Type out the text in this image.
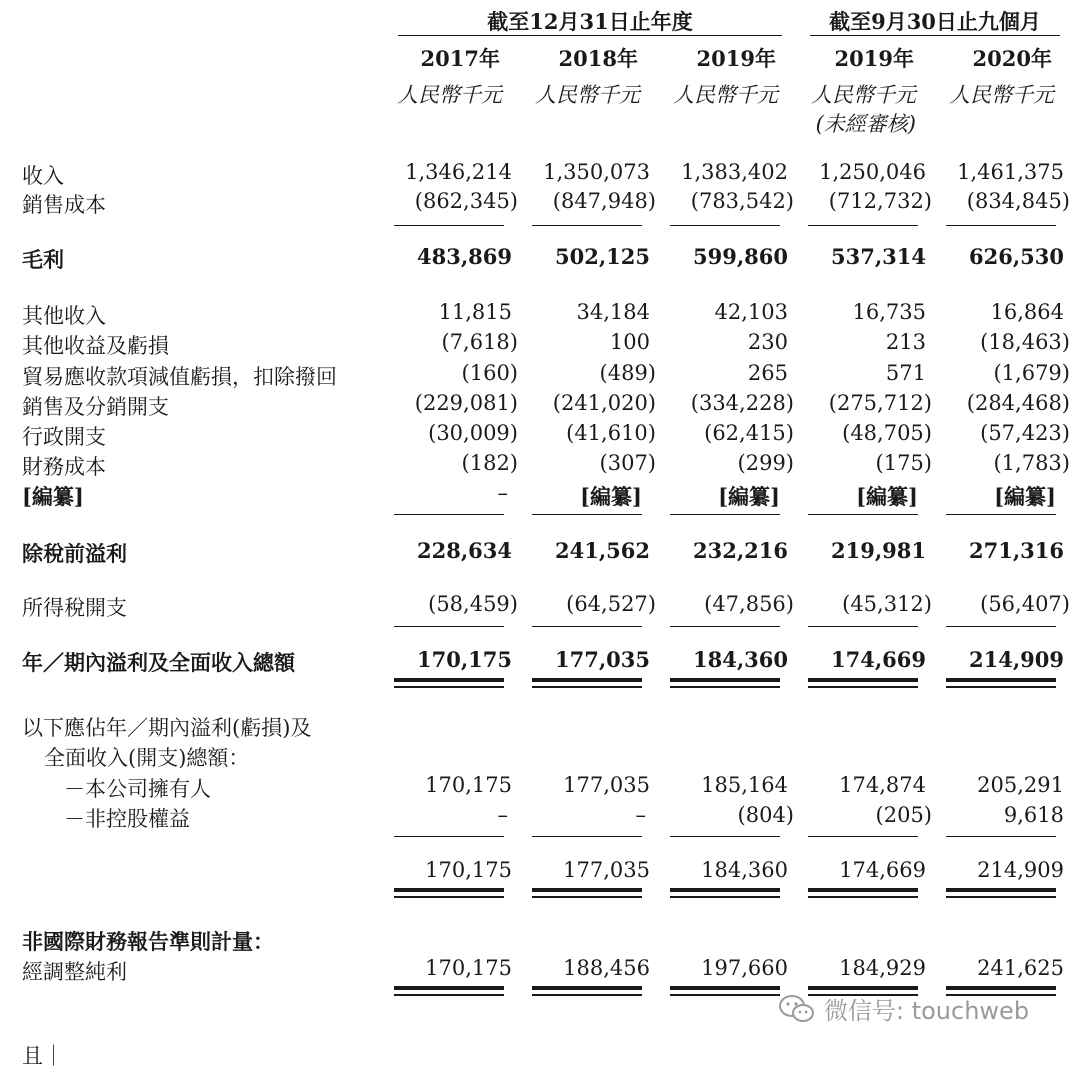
截至12月31日止年度	截至9月30日止九個月
2017年	2018年	2019年	2019年	2020年
人民幣千元	人民幣千元	人民幣千元	人民幣千元	人民幣千元
(未經審核)
收入	1,346,214	1,350,073	1,383,402	1,250,046	1,461,375
銷售成本	(862,345)	(847,948)	(783,542)	(712,732)	(834,845)
毛利	483,869	502,125	599,860	537,314	626,530
其他收入	11,815	34,184	42,103	16,735	16,864
其他收益及虧損	(7,618)	100	230	213	(18,463)
貿易應收款項減值虧損，扣除撥回	(160)	(489)	265	571	(1,679)
銷售及分銷開支	(229,081)	(241,020)	(334,228)	(275,712)	(284,468)
行政開支	(30,009)	(41,610)	(62,415)	(48,705)	(57,423)
財務成本	(182)	(307)	(299)	(175)	(1,783)
[編纂]	–	[編纂]	[編纂]	[編纂]	[編纂]
除稅前溢利	228,634	241,562	232,216	219,981	271,316
所得稅開支	(58,459)	(64,527)	(47,856)	(45,312)	(56,407)
年／期內溢利及全面收入總額	170,175	177,035	184,360	174,669	214,909
以下應佔年／期內溢利(虧損)及
全面收入(開支)總額：
－本公司擁有人	170,175	177,035	185,164	174,874	205,291
－非控股權益	–	–	(804)	(205)	9,618
170,175	177,035	184,360	174,669	214,909
非國際財務報告準則計量：
經調整純利	170,175	188,456	197,660	184,929	241,625
且｜
微信号: touchweb
